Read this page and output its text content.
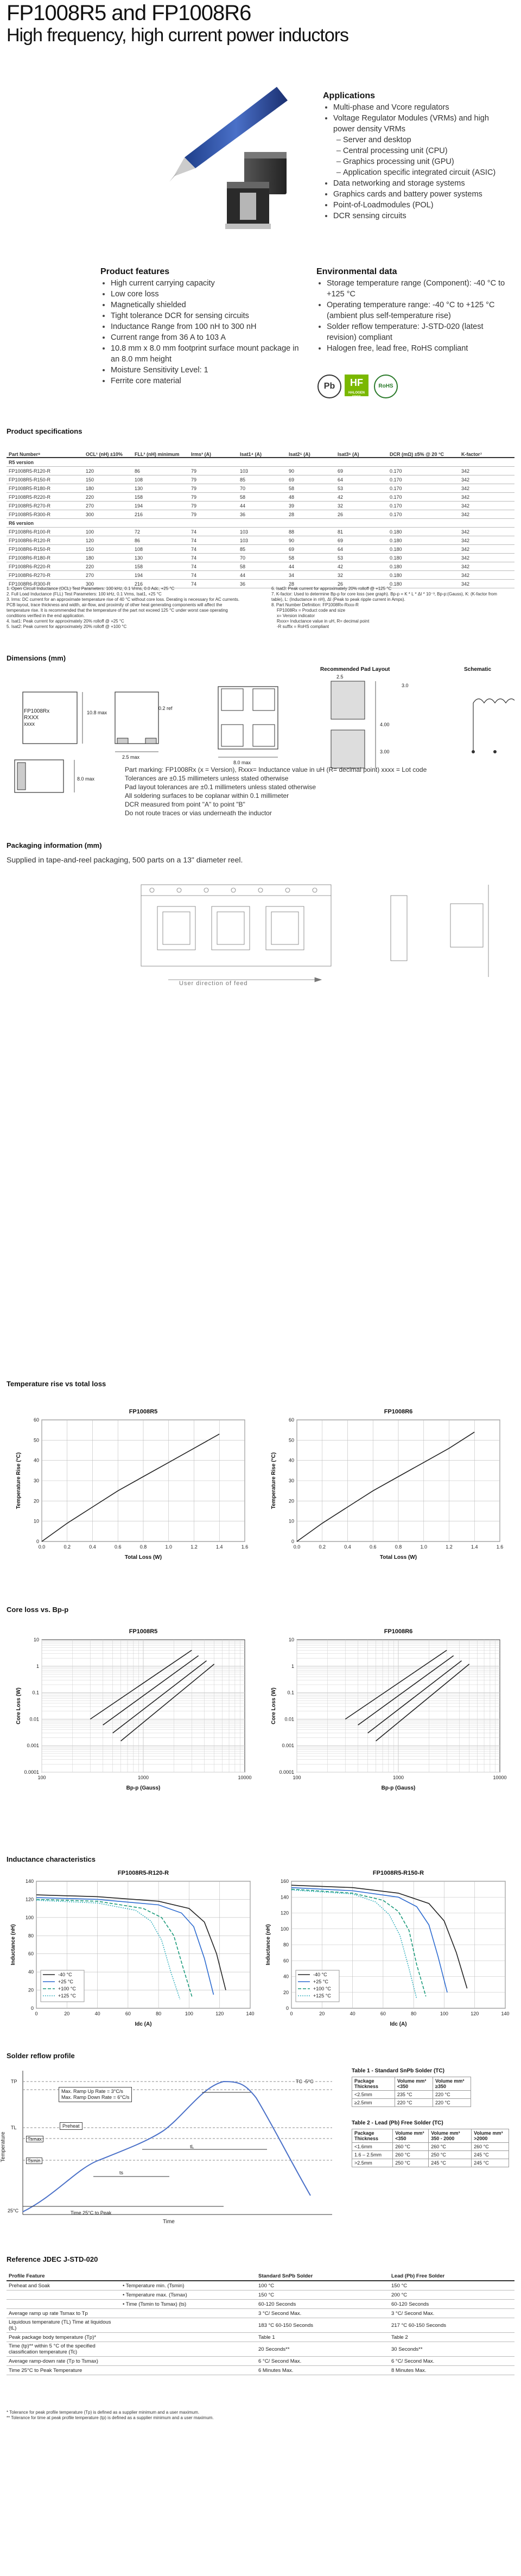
FP1008R5 and FP1008R6
High frequency, high current power inductors
Applications
• Multi-phase and Vcore regulators
• Voltage Regulator Modules (VRMs) and high power density VRMs
– Server and desktop
– Central processing unit (CPU)
– Graphics processing unit (GPU)
– Application specific integrated circuit (ASIC)
• Data networking and storage systems
• Graphics cards and battery power systems
• Point-of-Loadmodules (POL)
• DCR sensing circuits
Product features
• High current carrying capacity
• Low core loss
• Magnetically shielded
• Tight tolerance DCR for sensing circuits
• Inductance Range from 100 nH to 300 nH
• Current range from 36 A to 103 A
• 10.8 mm x 8.0 mm footprint surface mount package in an 8.0 mm height
• Moisture Sensitivity Level: 1
• Ferrite core material
Environmental data
• Storage temperature range (Component): -40 °C to +125 °C
• Operating temperature range: -40 °C to +125 °C (ambient plus self-temperature rise)
• Solder reflow temperature: J-STD-020 (latest revision) compliant
• Halogen free, lead free, RoHS compliant
Pb	HF
HALOGEN FREE
RoHS
Product specifications
Part Number⁸	OCL¹ (nH) ±10%	FLL² (nH) minimum	Irms³ (A)	Isat1⁴ (A)	Isat2⁵ (A)	Isat3⁶ (A)	DCR (mΩ) ±5% @ 20 °C	K-factor⁷
R5 version
FP1008R5-R120-R	120	86	79	103	90	69	0.170	342
FP1008R5-R150-R	150	108	79	85	69	64	0.170	342
FP1008R5-R180-R	180	130	79	70	58	53	0.170	342
FP1008R5-R220-R	220	158	79	58	48	42	0.170	342
FP1008R5-R270-R	270	194	79	44	39	32	0.170	342
FP1008R5-R300-R	300	216	79	36	28	26	0.170	342
R6 version
FP1008R6-R100-R	100	72	74	103	88	81	0.180	342
FP1008R6-R120-R	120	86	74	103	90	69	0.180	342
FP1008R6-R150-R	150	108	74	85	69	64	0.180	342
FP1008R6-R180-R	180	130	74	70	58	53	0.180	342
FP1008R6-R220-R	220	158	74	58	44	42	0.180	342
FP1008R6-R270-R	270	194	74	44	34	32	0.180	342
FP1008R6-R300-R	300	216	74	36	28	26	0.180	342
1. Open Circuit Inductance (OCL) Test Parameters: 100 kHz, 0.1 Vrms, 0.0 Adc, +25 °C
2. Full Load Inductance (FLL) Test Parameters: 100 kHz, 0.1 Vrms, Isat1, +25 °C
3. Irms: DC current for an approximate temperature rise of 40 °C without core loss. Derating is necessary for AC currents. PCB layout, trace thickness and width, air-flow, and proximity of other heat generating components will affect the temperature rise. It is recommended that the temperature of the part not exceed 125 °C under worst case operating conditions verified in the end application.
4. Isat1: Peak current for approximately 20% rolloff @ +25 °C
5. Isat2: Peak current for approximately 20% rolloff @ +100 °C
6. Isat3: Peak current for approximately 20% rolloff @ +125 °C
7. K-factor: Used to determine Bp-p for core loss (see graph). Bp-p = K * L * ΔI * 10⁻³, Bp-p:(Gauss), K: (K-factor from table), L: (Inductance in nH), ΔI (Peak to peak ripple current in Amps).
8. Part Number Definition: FP1008Rx-Rxxx-R
FP1008Rx = Product code and size
x= Version indicator
Rxxx= Inductance value in uH, R= decimal point
-R suffix = RoHS compliant
Dimensions (mm)
Recommended Pad Layout	Schematic
FP1008Rx
RXXX
xxxx
10.8 max
2.5 max
8.0 max
0.2 ref
2.5
3.0
4.00
3.00
8.0 max
Part marking: FP1008Rx (x = Version), Rxxx= Inductance value in uH (R= decimal point) xxxx = Lot code
Tolerances are ±0.15 millimeters unless stated otherwise
Pad layout tolerances are ±0.1 millimeters unless stated otherwise
All soldering surfaces to be coplanar within 0.1 millimeter
DCR measured from point "A" to point "B"
Do not route traces or vias underneath the inductor
Packaging information (mm)
Supplied in tape-and-reel packaging, 500 parts on a 13" diameter reel.
User direction of feed
Temperature rise vs total loss
FP1008R5
0.0	0.2	0.4	0.6	0.8	1.0	1.2	1.4	1.6
0
10
20
30
40
50
60
Total Loss (W)
Temperature Rise (°C)
FP1008R6
0.0	0.2	0.4	0.6	0.8	1.0	1.2	1.4	1.6
0
10
20
30
40
50
60
Total Loss (W)
Temperature Rise (°C)
Core loss vs. Bp-p
FP1008R5
100	1000	10000
10
1
0.1
0.01
0.001
0.0001
Bp-p (Gauss)
Core Loss (W)
FP1008R6
100	1000	10000
10
1
0.1
0.01
0.001
0.0001
Bp-p (Gauss)
Core Loss (W)
Inductance characteristics
FP1008R5-R120-R
0	20	40	60	80	100	120	140
0
20
40
60
80
100
120
140
Idc (A)
Inductance (nH)
-40 °C
+25 °C
+100 °C
+125 °C
FP1008R5-R150-R
0	20	40	60	80	100	120	140
0
20
40
60
80
100
120
140
160
Idc (A)
Inductance (nH)
-40 °C
+25 °C
+100 °C
+125 °C
Solder reflow profile
Max. Ramp Up Rate = 3°C/s
Max. Ramp Down Rate = 6°C/s
Preheat
TP	TC -5°C
Tsmax
Tsmin
TL
ts
tL
25°C	Time 25°C to Peak
Time
Temperature
Table 1 - Standard SnPb Solder (TC)
Package Thickness	Volume mm³ <350	Volume mm³ ≥350
<2.5mm	235 °C	220 °C
≥2.5mm	220 °C	220 °C
Table 2 - Lead (Pb) Free Solder (TC)
Package Thickness	Volume mm³ <350	Volume mm³ 350 - 2000	Volume mm³ >2000
<1.6mm	260 °C	260 °C	260 °C
1.6 – 2.5mm	260 °C	250 °C	245 °C
>2.5mm	250 °C	245 °C	245 °C
Reference JDEC J-STD-020
Profile Feature		Standard SnPb Solder	Lead (Pb) Free Solder
Preheat and Soak	• Temperature min. (Tsmin)	100 °C	150 °C
	• Temperature max. (Tsmax)	150 °C	200 °C
	• Time (Tsmin to Tsmax) (ts)	60-120 Seconds	60-120 Seconds
Average ramp up rate Tsmax to Tp		3 °C/ Second Max.	3 °C/ Second Max.
Liquidous temperature (TL) Time at liquidous (tL)		183 °C 60-150 Seconds	217 °C 60-150 Seconds
Peak package body temperature (Tp)*		Table 1	Table 2
Time (tp)** within 5 °C of the specified classification temperature (Tc)		20 Seconds**	30 Seconds**
Average ramp-down rate (Tp to Tsmax)		6 °C/ Second Max.	6 °C/ Second Max.
Time 25°C to Peak Temperature		6 Minutes Max.	8 Minutes Max.
* Tolerance for peak profile temperature (Tp) is defined as a supplier minimum and a user maximum.
** Tolerance for time at peak profile temperature (tp) is defined as a supplier minimum and a user maximum.
